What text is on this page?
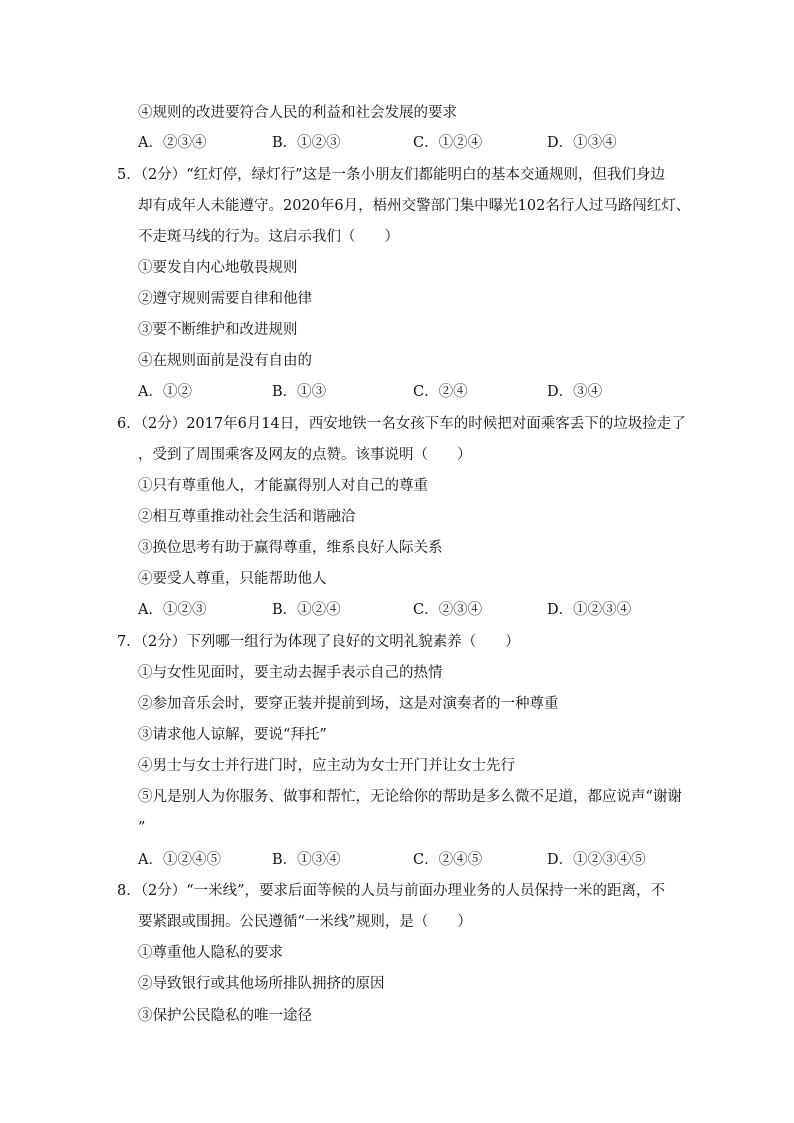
④规则的改进要符合人民的利益和社会发展的要求
A．②③④	B．①②③	C．①②④	D．①③④
5．（2分）“红灯停，绿灯行”这是一条小朋友们都能明白的基本交通规则，但我们身边
却有成年人未能遵守。2020年6月，梧州交警部门集中曝光102名行人过马路闯红灯、
不走斑马线的行为。这启示我们（　　）
①要发自内心地敬畏规则
②遵守规则需要自律和他律
③要不断维护和改进规则
④在规则面前是没有自由的
A．①②	B．①③	C．②④	D．③④
6．（2分）2017年6月14日，西安地铁一名女孩下车的时候把对面乘客丢下的垃圾捡走了
，受到了周围乘客及网友的点赞。该事说明（　　）
①只有尊重他人，才能赢得别人对自己的尊重
②相互尊重推动社会生活和谐融洽
③换位思考有助于赢得尊重，维系良好人际关系
④要受人尊重，只能帮助他人
A．①②③	B．①②④	C．②③④	D．①②③④
7．（2分）下列哪一组行为体现了良好的文明礼貌素养（　　）
①与女性见面时，要主动去握手表示自己的热情
②参加音乐会时，要穿正装并提前到场，这是对演奏者的一种尊重
③请求他人谅解，要说“拜托”
④男士与女士并行进门时，应主动为女士开门并让女士先行
⑤凡是别人为你服务、做事和帮忙，无论给你的帮助是多么微不足道，都应说声“谢谢
”
A．①②④⑤	B．①③④	C．②④⑤	D．①②③④⑤
8．（2分）“一米线”，要求后面等候的人员与前面办理业务的人员保持一米的距离，不
要紧跟或围拥。公民遵循“一米线”规则，是（　　）
①尊重他人隐私的要求
②导致银行或其他场所排队拥挤的原因
③保护公民隐私的唯一途径
